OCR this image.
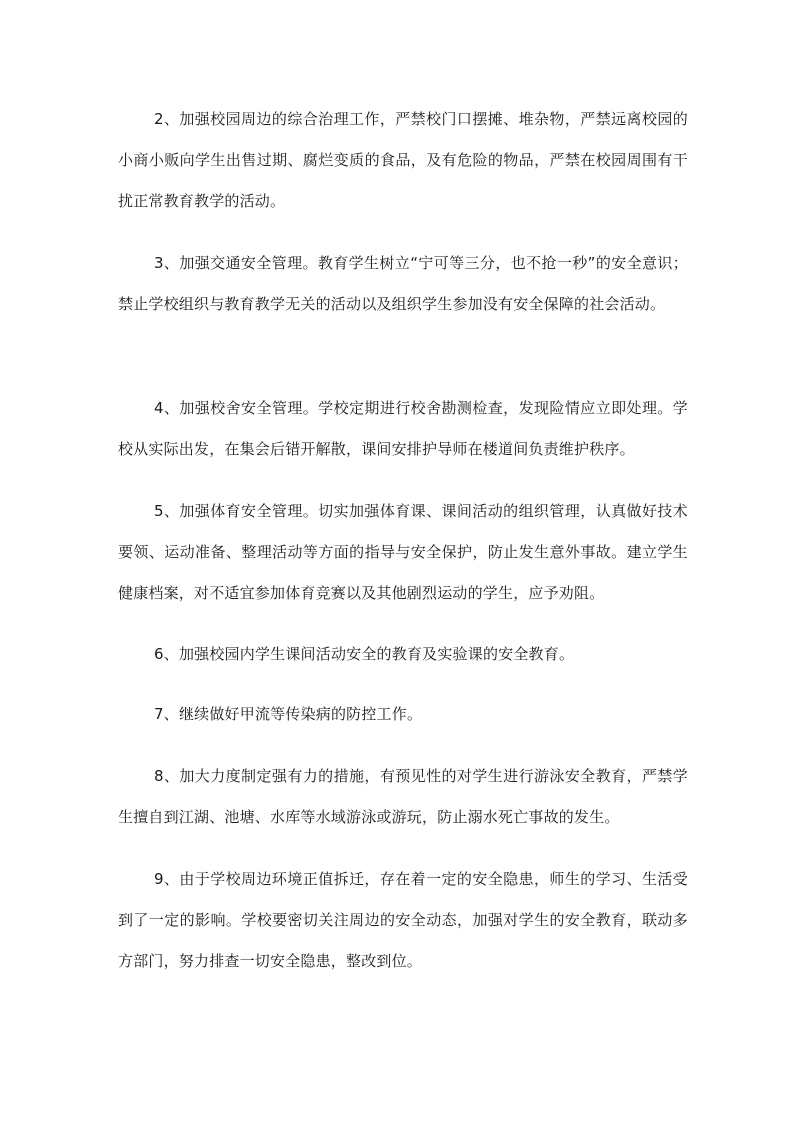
2、加强校园周边的综合治理工作，严禁校门口摆摊、堆杂物，严禁远离校园的小商小贩向学生出售过期、腐烂变质的食品，及有危险的物品，严禁在校园周围有干扰正常教育教学的活动。

3、加强交通安全管理。教育学生树立“宁可等三分，也不抢一秒”的安全意识；禁止学校组织与教育教学无关的活动以及组织学生参加没有安全保障的社会活动。

4、加强校舍安全管理。学校定期进行校舍勘测检查，发现险情应立即处理。学校从实际出发，在集会后错开解散，课间安排护导师在楼道间负责维护秩序。

5、加强体育安全管理。切实加强体育课、课间活动的组织管理，认真做好技术要领、运动准备、整理活动等方面的指导与安全保护，防止发生意外事故。建立学生健康档案，对不适宜参加体育竞赛以及其他剧烈运动的学生，应予劝阻。

6、加强校园内学生课间活动安全的教育及实验课的安全教育。

7、继续做好甲流等传染病的防控工作。

8、加大力度制定强有力的措施，有预见性的对学生进行游泳安全教育，严禁学生擅自到江湖、池塘、水库等水域游泳或游玩，防止溺水死亡事故的发生。

9、由于学校周边环境正值拆迁，存在着一定的安全隐患，师生的学习、生活受到了一定的影响。学校要密切关注周边的安全动态，加强对学生的安全教育，联动多方部门，努力排查一切安全隐患，整改到位。
